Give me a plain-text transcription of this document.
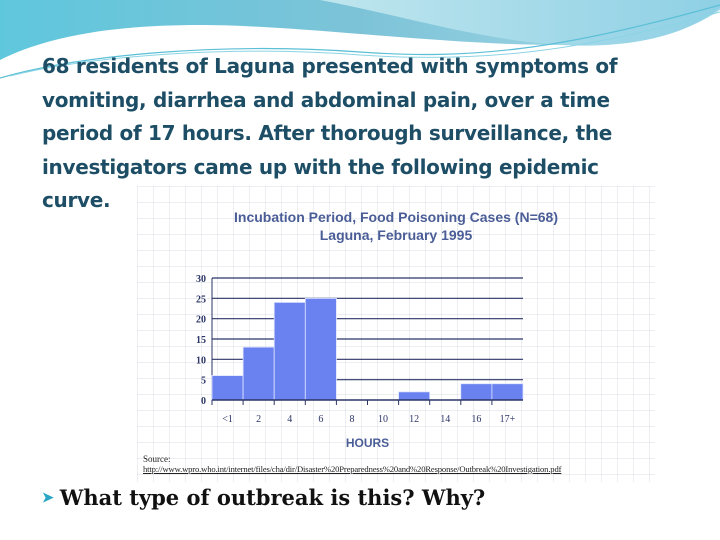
68 residents of Laguna presented with symptoms of
vomiting, diarrhea and abdominal pain, over a time
period of 17 hours. After thorough surveillance, the
investigators came up with the following epidemic
curve.
Incubation Period, Food Poisoning Cases (N=68)
Laguna, February 1995
0
5
10
15
20
25
30
<1 2	4	6	8 10 12 14 16 17+
HOURS
Source:
http://www.wpro.who.int/internet/files/cha/dir/Disaster%20Preparedness%20and%20Response/Outbreak%20Investigation.pdf
➤ What type of outbreak is this? Why?
